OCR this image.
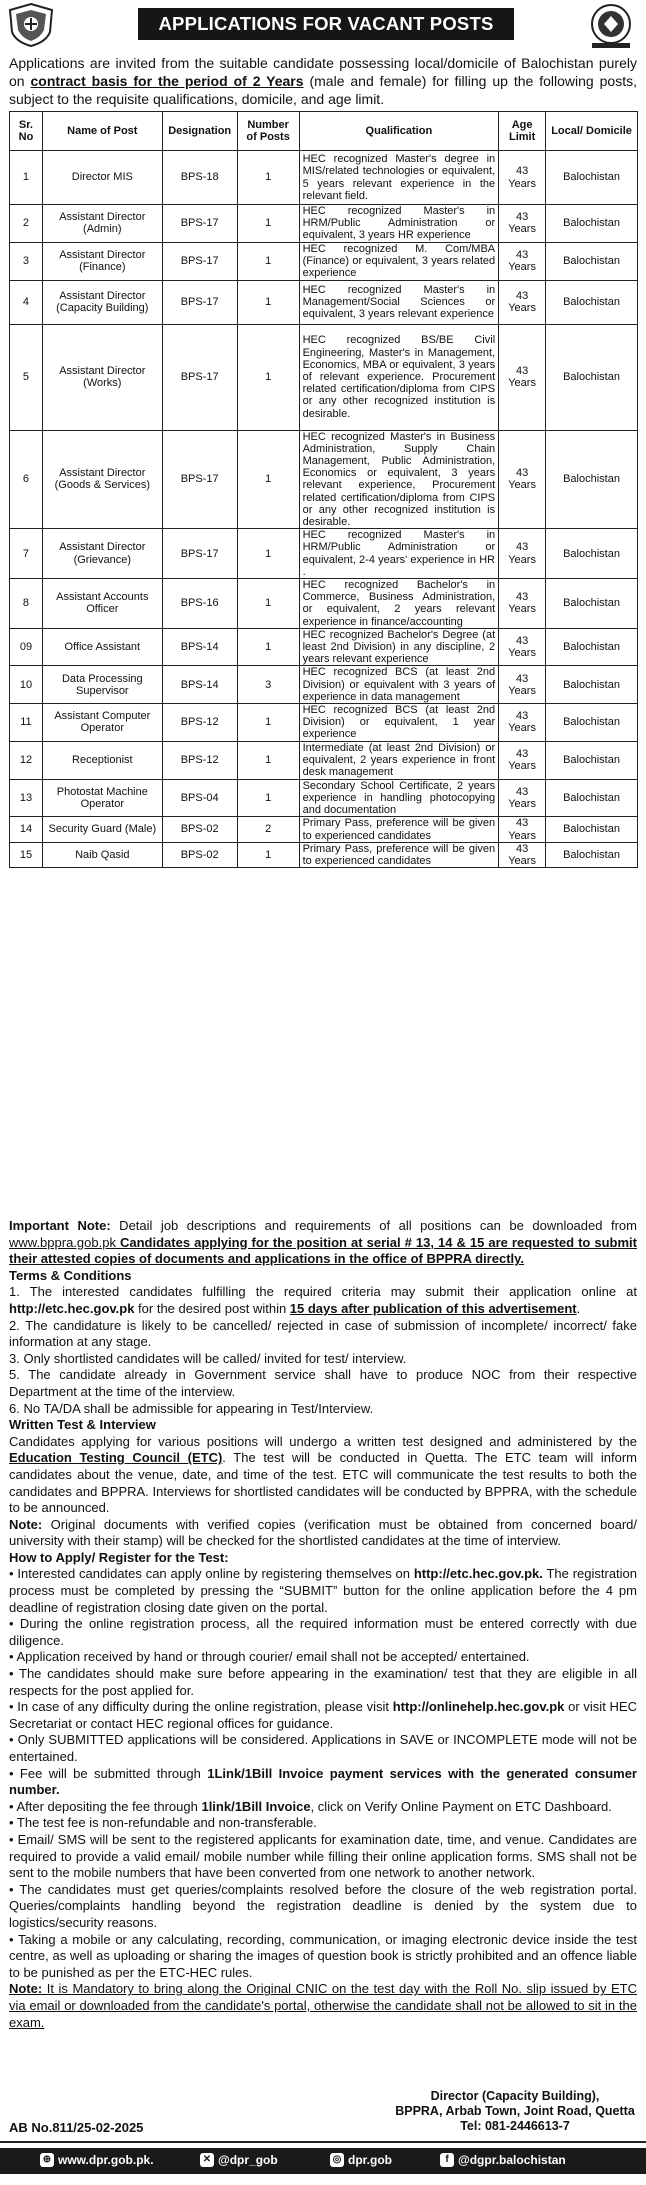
APPLICATIONS FOR VACANT POSTS
Applications are invited from the suitable candidate possessing local/domicile of Balochistan purely on contract basis for the period of 2 Years (male and female) for filling up the following posts, subject to the requisite qualifications, domicile, and age limit.
Sr. No	Name of Post	Designation	Number of Posts	Qualification	Age Limit	Local/ Domicile
1	Director MIS	BPS-18	1	HEC recognized Master's degree in MIS/related technologies or equivalent, 5 years relevant experience in the relevant field.	43 Years	Balochistan
2	Assistant Director (Admin)	BPS-17	1	HEC recognized Master's in HRM/Public Administration or equivalent, 3 years HR experience	43 Years	Balochistan
3	Assistant Director (Finance)	BPS-17	1	HEC recognized M. Com/MBA (Finance) or equivalent, 3 years related experience	43 Years	Balochistan
4	Assistant Director (Capacity Building)	BPS-17	1	HEC recognized Master's in Management/Social Sciences or equivalent, 3 years relevant experience	43 Years	Balochistan
5	Assistant Director (Works)	BPS-17	1	HEC recognized BS/BE Civil Engineering, Master's in Management, Economics, MBA or equivalent, 3 years of relevant experience. Procurement related certification/diploma from CIPS or any other recognized institution is desirable.	43 Years	Balochistan
6	Assistant Director (Goods & Services)	BPS-17	1	HEC recognized Master's in Business Administration, Supply Chain Management, Public Administration, Economics or equivalent, 3 years relevant experience, Procurement related certification/diploma from CIPS or any other recognized institution is desirable.	43 Years	Balochistan
7	Assistant Director (Grievance)	BPS-17	1	HEC recognized Master's in HRM/Public Administration or equivalent, 2-4 years' experience in HR .	43 Years	Balochistan
8	Assistant Accounts Officer	BPS-16	1	HEC recognized Bachelor's in Commerce, Business Administration, or equivalent, 2 years relevant experience in finance/accounting	43 Years	Balochistan
09	Office Assistant	BPS-14	1	HEC recognized Bachelor's Degree (at least 2nd Division) in any discipline, 2 years relevant experience	43 Years	Balochistan
10	Data Processing Supervisor	BPS-14	3	HEC recognized BCS (at least 2nd Division) or equivalent with 3 years of experience in data management	43 Years	Balochistan
11	Assistant Computer Operator	BPS-12	1	HEC recognized BCS (at least 2nd Division) or equivalent, 1 year experience	43 Years	Balochistan
12	Receptionist	BPS-12	1	Intermediate (at least 2nd Division) or equivalent, 2 years experience in front desk management	43 Years	Balochistan
13	Photostat Machine Operator	BPS-04	1	Secondary School Certificate, 2 years experience in handling photocopying and documentation	43 Years	Balochistan
14	Security Guard (Male)	BPS-02	2	Primary Pass, preference will be given to experienced candidates	43 Years	Balochistan
15	Naib Qasid	BPS-02	1	Primary Pass, preference will be given to experienced candidates	43 Years	Balochistan

Important Note: Detail job descriptions and requirements of all positions can be downloaded from www.bppra.gob.pk Candidates applying for the position at serial # 13, 14 & 15 are requested to submit their attested copies of documents and applications in the office of BPPRA directly.

Terms & Conditions

1. The interested candidates fulfilling the required criteria may submit their application online at http://etc.hec.gov.pk for the desired post within 15 days after publication of this advertisement.

2. The candidature is likely to be cancelled/ rejected in case of submission of incomplete/ incorrect/ fake information at any stage.

3. Only shortlisted candidates will be called/ invited for test/ interview.

5. The candidate already in Government service shall have to produce NOC from their respective Department at the time of the interview.

6. No TA/DA shall be admissible for appearing in Test/Interview.

Written Test & Interview

Candidates applying for various positions will undergo a written test designed and administered by the Education Testing Council (ETC). The test will be conducted in Quetta. The ETC team will inform candidates about the venue, date, and time of the test. ETC will communicate the test results to both the candidates and BPPRA. Interviews for shortlisted candidates will be conducted by BPPRA, with the schedule to be announced.

Note: Original documents with verified copies (verification must be obtained from concerned board/ university with their stamp) will be checked for the shortlisted candidates at the time of interview.

How to Apply/ Register for the Test:

• Interested candidates can apply online by registering themselves on http://etc.hec.gov.pk. The registration process must be completed by pressing the “SUBMIT” button for the online application before the 4 pm deadline of registration closing date given on the portal.

• During the online registration process, all the required information must be entered correctly with due diligence.

• Application received by hand or through courier/ email shall not be accepted/ entertained.

• The candidates should make sure before appearing in the examination/ test that they are eligible in all respects for the post applied for.

• In case of any difficulty during the online registration, please visit http://onlinehelp.hec.gov.pk or visit HEC Secretariat or contact HEC regional offices for guidance.

• Only SUBMITTED applications will be considered. Applications in SAVE or INCOMPLETE mode will not be entertained.

• Fee will be submitted through 1Link/1Bill Invoice payment services with the generated consumer number.

• After depositing the fee through 1link/1Bill Invoice, click on Verify Online Payment on ETC Dashboard.

• The test fee is non-refundable and non-transferable.

• Email/ SMS will be sent to the registered applicants for examination date, time, and venue. Candidates are required to provide a valid email/ mobile number while filling their online application forms. SMS shall not be sent to the mobile numbers that have been converted from one network to another network.

• The candidates must get queries/complaints resolved before the closure of the web registration portal. Queries/complaints handling beyond the registration deadline is denied by the system due to logistics/security reasons.

• Taking a mobile or any calculating, recording, communication, or imaging electronic device inside the test centre, as well as uploading or sharing the images of question book is strictly prohibited and an offence liable to be punished as per the ETC-HEC rules.

Note: It is Mandatory to bring along the Original CNIC on the test day with the Roll No. slip issued by ETC via email or downloaded from the candidate's portal, otherwise the candidate shall not be allowed to sit in the exam.

Director (Capacity Building),
BPPRA, Arbab Town, Joint Road, Quetta
Tel: 081-2446613-7
AB No.811/25-02-2025
⊕ www.dpr.gob.pk.	✕ @dpr_gob	◎ dpr.gob	f @dgpr.balochistan
